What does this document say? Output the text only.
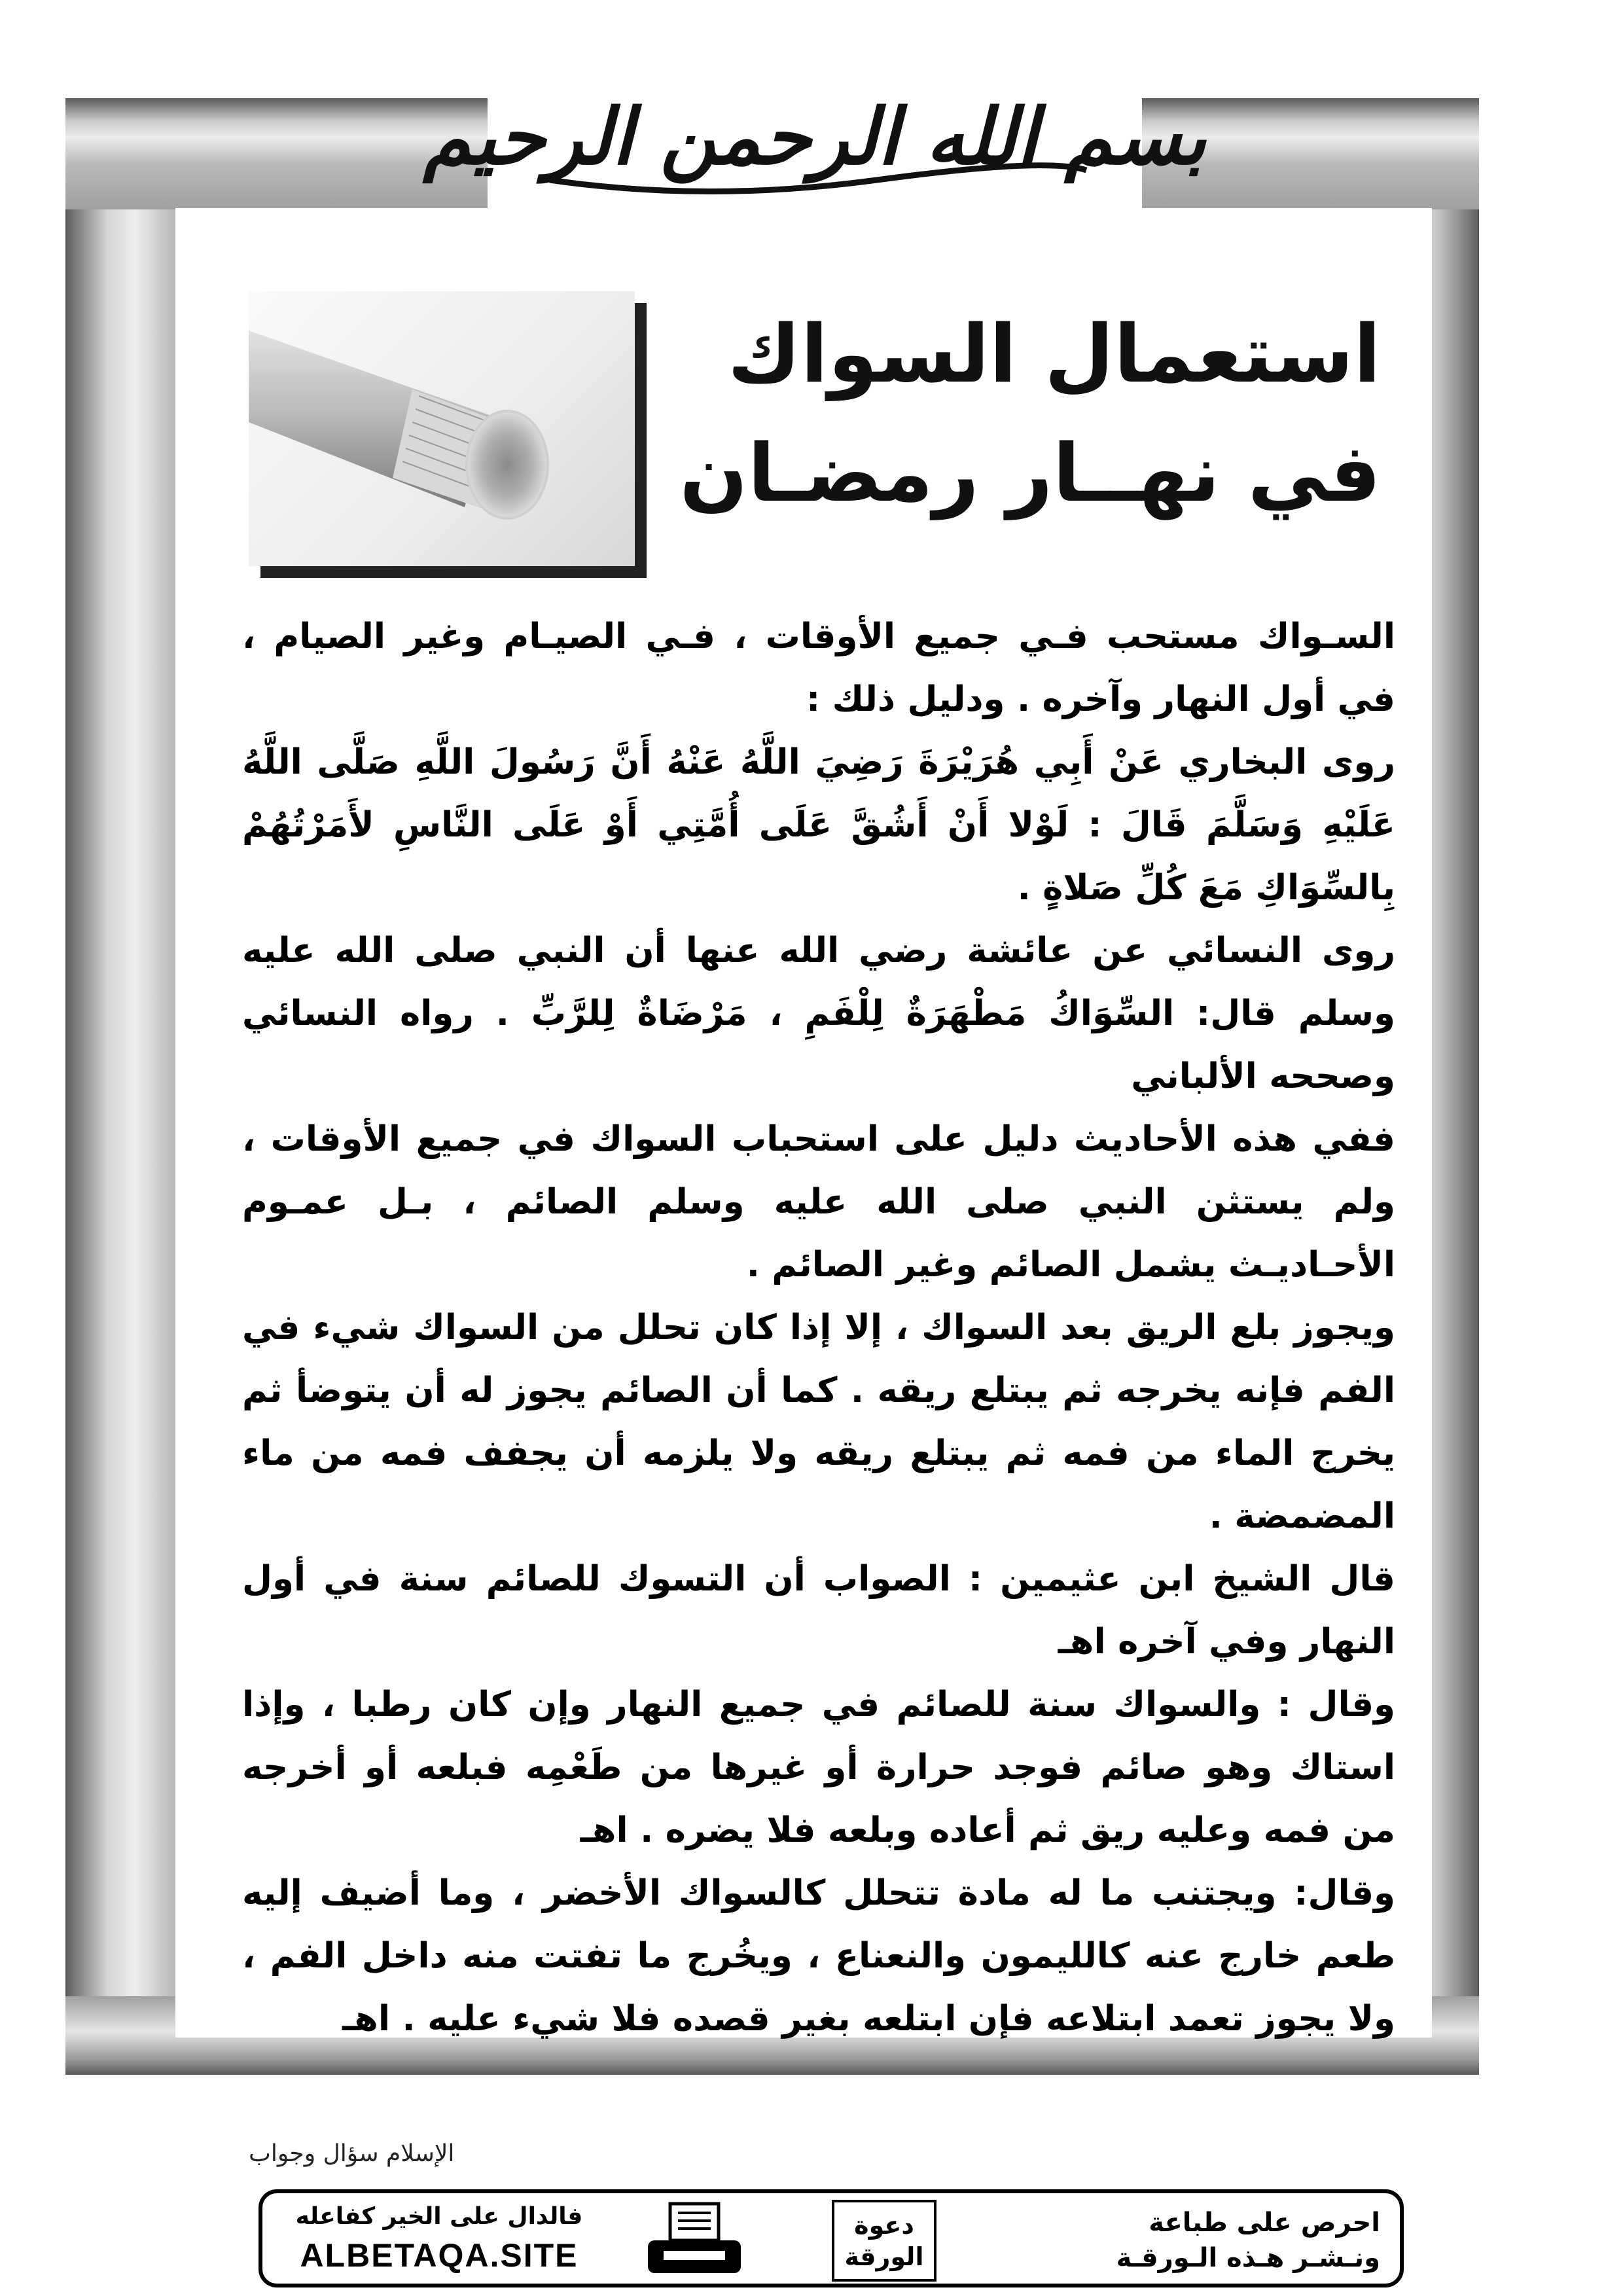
بسم الله الرحمن الرحيم
استعمال السواك
في نهــار رمضـان

السـواك مستحب فـي جميع الأوقات ، فـي الصيـام وغير الصيام ، في أول النهار وآخره . ودليل ذلك :

روى البخاري عَنْ أَبِي هُرَيْرَةَ رَضِيَ اللَّهُ عَنْهُ أَنَّ رَسُولَ اللَّهِ صَلَّى اللَّهُ عَلَيْهِ وَسَلَّمَ قَالَ : لَوْلا أَنْ أَشُقَّ عَلَى أُمَّتِي أَوْ عَلَى النَّاسِ لأَمَرْتُهُمْ بِالسِّوَاكِ مَعَ كُلِّ صَلاةٍ .

روى النسائي عن عائشة رضي الله عنها أن النبي صلى الله عليه وسلم قال: السِّوَاكُ مَطْهَرَةٌ لِلْفَمِ ، مَرْضَاةٌ لِلرَّبِّ . رواه النسائي وصححه الألباني

ففي هذه الأحاديث دليل على استحباب السواك في جميع الأوقات ، ولم يستثن النبي صلى الله عليه وسلم الصائم ، بـل عمـوم الأحـاديـث يشمل الصائم وغير الصائم .

ويجوز بلع الريق بعد السواك ، إلا إذا كان تحلل من السواك شيء في الفم فإنه يخرجه ثم يبتلع ريقه . كما أن الصائم يجوز له أن يتوضأ ثم يخرج الماء من فمه ثم يبتلع ريقه ولا يلزمه أن يجفف فمه من ماء المضمضة .

قال الشيخ ابن عثيمين : الصواب أن التسوك للصائم سنة في أول النهار وفي آخره اهـ

وقال : والسواك سنة للصائم في جميع النهار وإن كان رطبا ، وإذا استاك وهو صائم فوجد حرارة أو غيرها من طَعْمِه فبلعه أو أخرجه من فمه وعليه ريق ثم أعاده وبلعه فلا يضره . اهـ

وقال: ويجتنب ما له مادة تتحلل كالسواك الأخضر ، وما أضيف إليه طعم خارج عنه كالليمون والنعناع ، ويخُرج ما تفتت منه داخل الفم ، ولا يجوز تعمد ابتلاعه فإن ابتلعه بغير قصده فلا شيء عليه . اهـ

الإسلام سؤال وجواب
فالدال على الخير كفاعله
ALBETAQA.SITE
دعوة
الورقة
احرص على طباعة
ونـشـر هـذه الـورقـة
